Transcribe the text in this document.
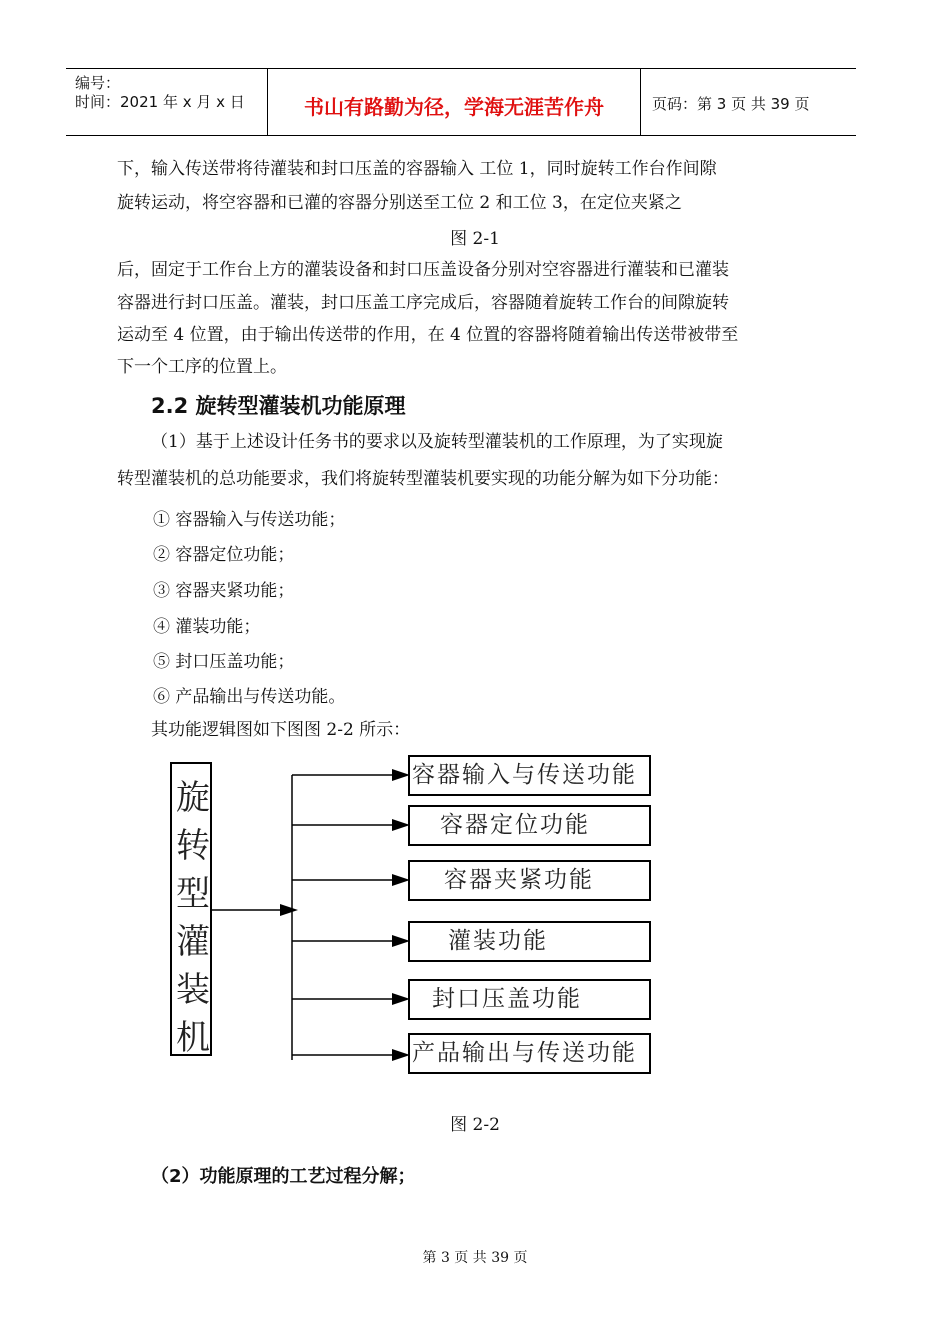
编号：
时间：2021 年 x 月 x 日	书山有路勤为径，学海无涯苦作舟	页码：第 3 页 共 39 页
下，输入传送带将待灌装和封口压盖的容器输入 工位 1，同时旋转工作台作间隙
旋转运动，将空容器和已灌的容器分别送至工位 2 和工位 3，在定位夹紧之
图 2-1
后，固定于工作台上方的灌装设备和封口压盖设备分别对空容器进行灌装和已灌装
容器进行封口压盖。灌装，封口压盖工序完成后，容器随着旋转工作台的间隙旋转
运动至 4 位置，由于输出传送带的作用，在 4 位置的容器将随着输出传送带被带至
下一个工序的位置上。
2.2 旋转型灌装机功能原理
（1）基于上述设计任务书的要求以及旋转型灌装机的工作原理，为了实现旋
转型灌装机的总功能要求，我们将旋转型灌装机要实现的功能分解为如下分功能：
① 容器输入与传送功能；
② 容器定位功能；
③ 容器夹紧功能；
④ 灌装功能；
⑤ 封口压盖功能；
⑥ 产品输出与传送功能。
其功能逻辑图如下图图 2-2 所示：
旋
转
型
灌
装
机
容器输入与传送功能
容器定位功能
容器夹紧功能
灌装功能
封口压盖功能
产品输出与传送功能
图 2-2
（2）功能原理的工艺过程分解；
第 3 页 共 39 页
